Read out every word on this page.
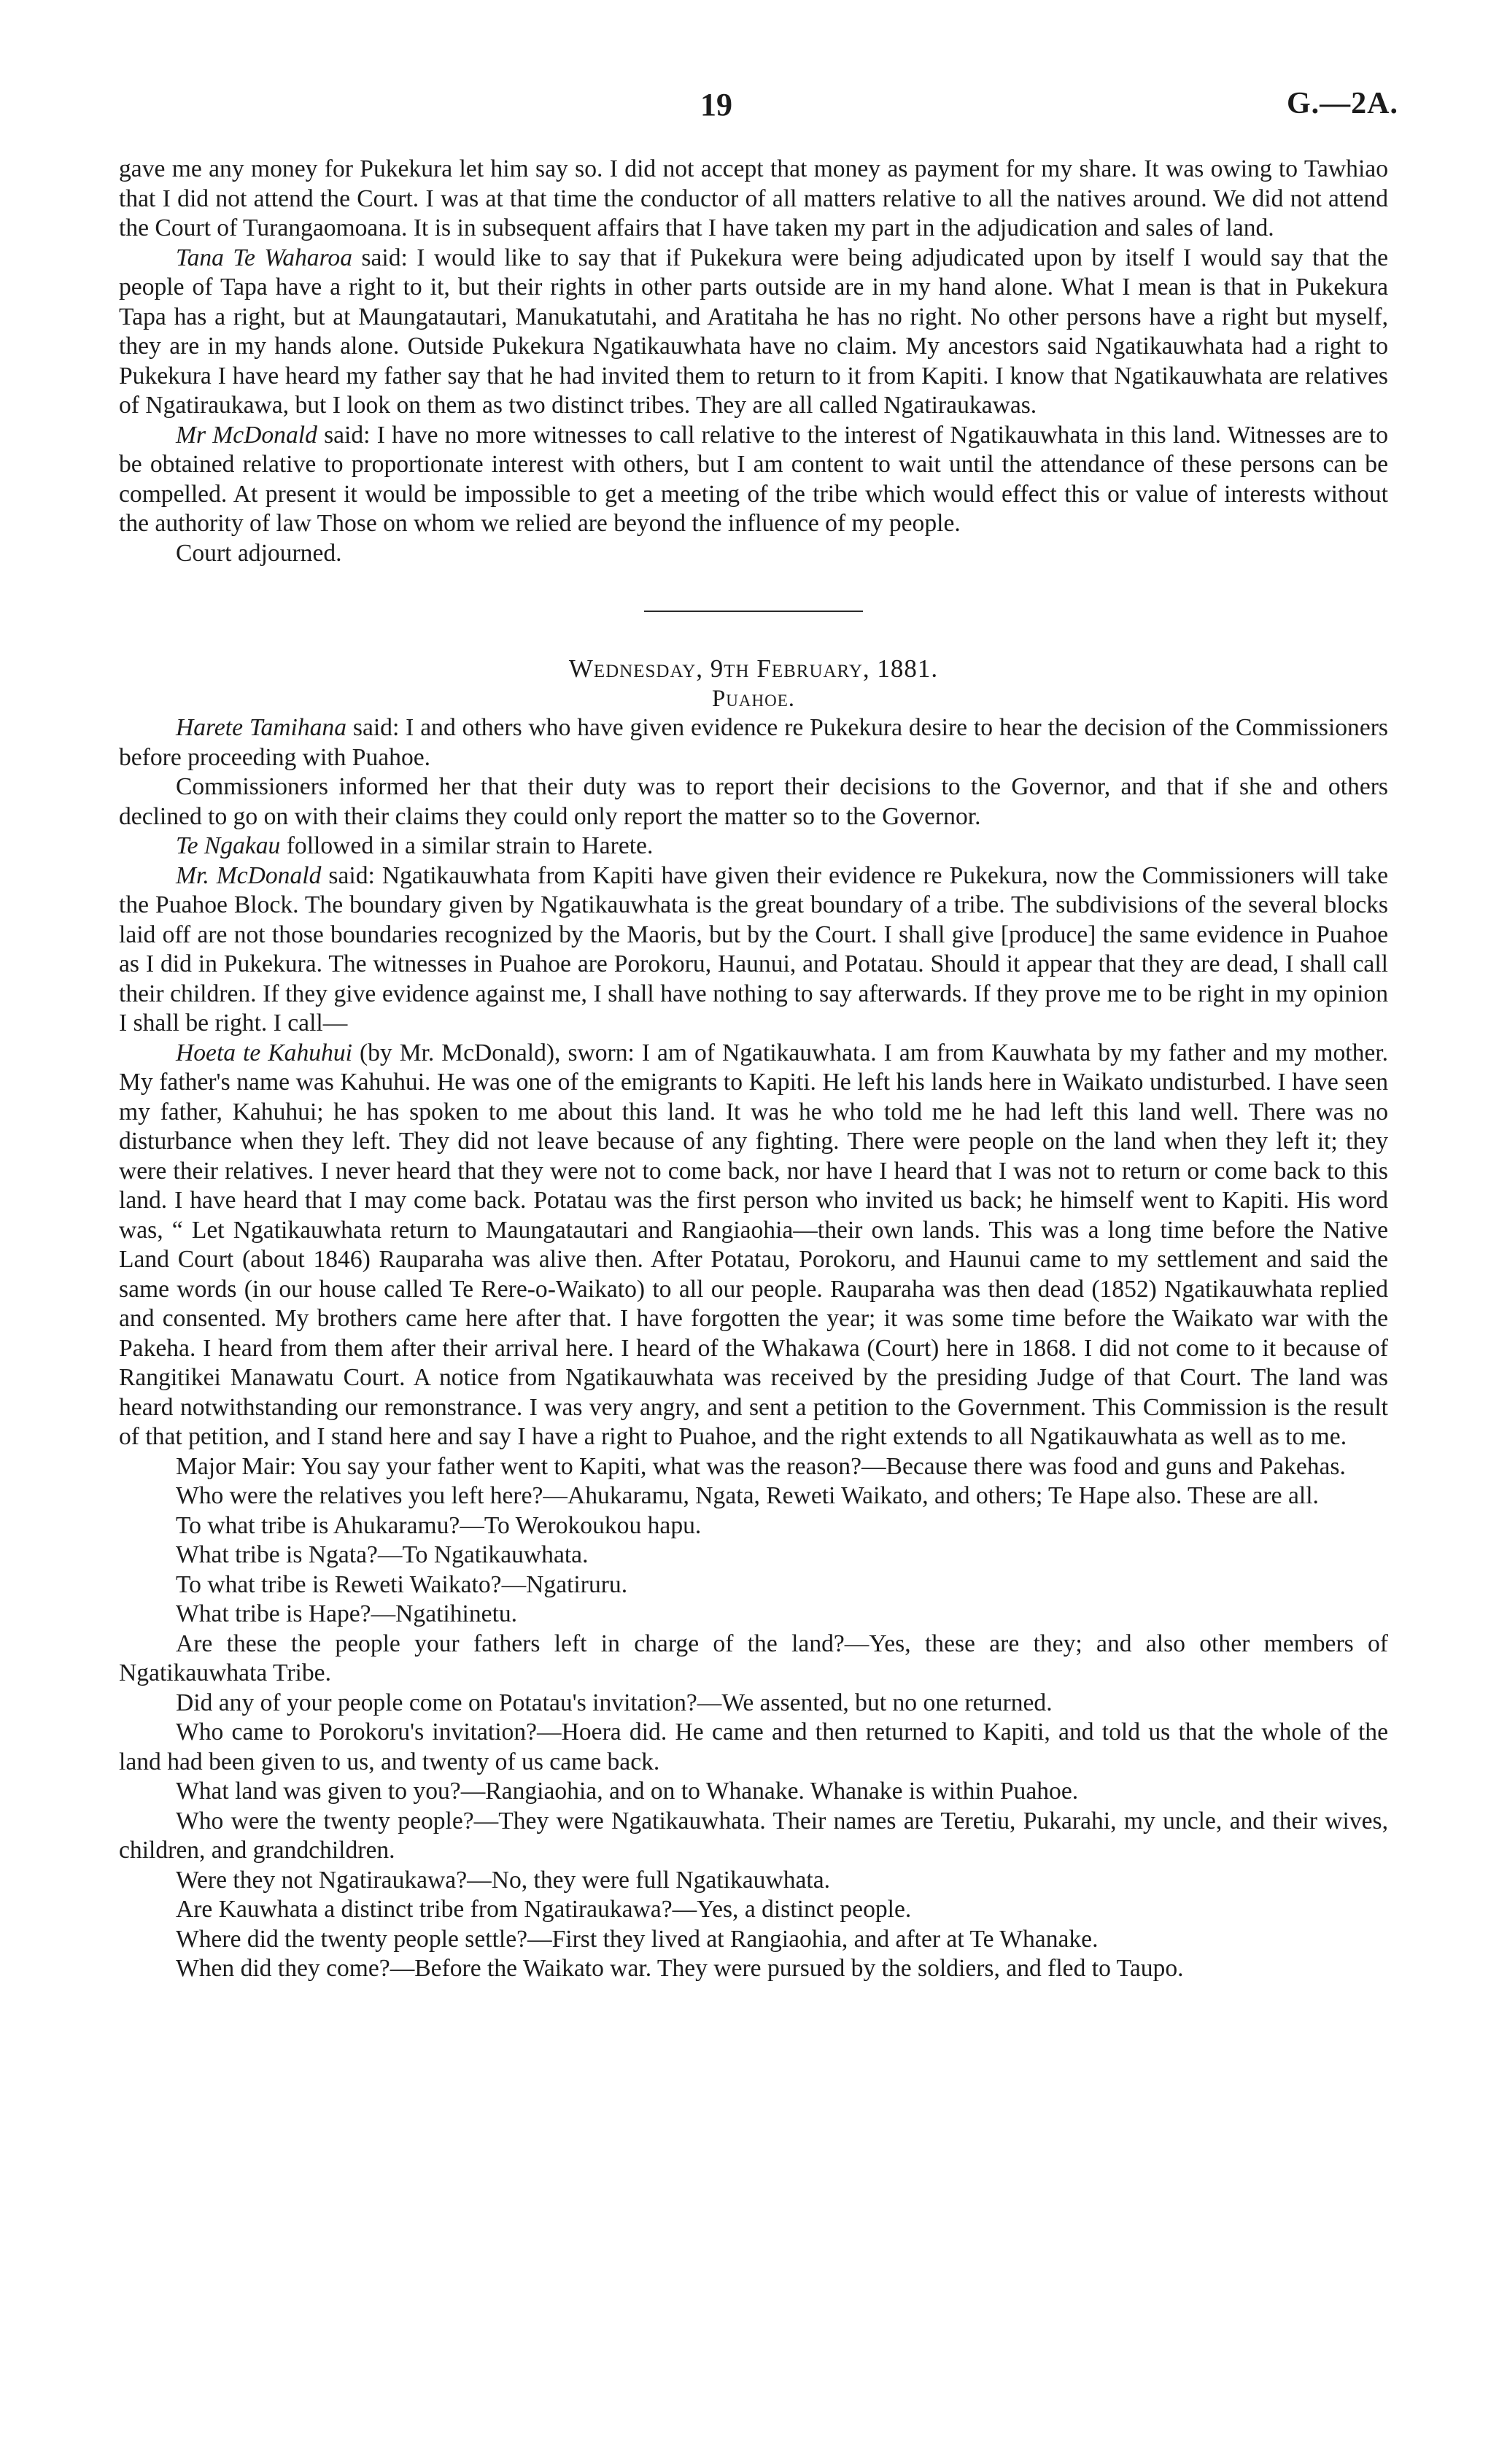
19	G.—2A.

gave me any money for Pukekura let him say so. I did not accept that money as payment for my share. It was owing to Tawhiao that I did not attend the Court. I was at that time the conductor of all matters relative to all the natives around. We did not attend the Court of Turangaomoana. It is in subsequent affairs that I have taken my part in the adjudication and sales of land.

Tana Te Waharoa said: I would like to say that if Pukekura were being adjudicated upon by itself I would say that the people of Tapa have a right to it, but their rights in other parts outside are in my hand alone. What I mean is that in Pukekura Tapa has a right, but at Maungatautari, Manukatutahi, and Aratitaha he has no right. No other persons have a right but myself, they are in my hands alone. Outside Pukekura Ngatikauwhata have no claim. My ancestors said Ngatikauwhata had a right to Pukekura I have heard my father say that he had invited them to return to it from Kapiti. I know that Ngatikauwhata are relatives of Ngatiraukawa, but I look on them as two distinct tribes. They are all called Ngatiraukawas.

Mr McDonald said: I have no more witnesses to call relative to the interest of Ngatikauwhata in this land. Witnesses are to be obtained relative to proportionate interest with others, but I am content to wait until the attendance of these persons can be compelled. At present it would be impossible to get a meeting of the tribe which would effect this or value of interests without the authority of law Those on whom we relied are beyond the influence of my people.

Court adjourned.

Wednesday, 9th February, 1881.

Puahoe.

Harete Tamihana said: I and others who have given evidence re Pukekura desire to hear the decision of the Commissioners before proceeding with Puahoe.

Commissioners informed her that their duty was to report their decisions to the Governor, and that if she and others declined to go on with their claims they could only report the matter so to the Governor.

Te Ngakau followed in a similar strain to Harete.

Mr. McDonald said: Ngatikauwhata from Kapiti have given their evidence re Pukekura, now the Commissioners will take the Puahoe Block. The boundary given by Ngatikauwhata is the great boundary of a tribe. The subdivisions of the several blocks laid off are not those boundaries recognized by the Maoris, but by the Court. I shall give [produce] the same evidence in Puahoe as I did in Pukekura. The witnesses in Puahoe are Porokoru, Haunui, and Potatau. Should it appear that they are dead, I shall call their children. If they give evidence against me, I shall have nothing to say afterwards. If they prove me to be right in my opinion I shall be right. I call—

Hoeta te Kahuhui (by Mr. McDonald), sworn: I am of Ngatikauwhata. I am from Kauwhata by my father and my mother. My father's name was Kahuhui. He was one of the emigrants to Kapiti. He left his lands here in Waikato undisturbed. I have seen my father, Kahuhui; he has spoken to me about this land. It was he who told me he had left this land well. There was no disturbance when they left. They did not leave because of any fighting. There were people on the land when they left it; they were their relatives. I never heard that they were not to come back, nor have I heard that I was not to return or come back to this land. I have heard that I may come back. Potatau was the first person who invited us back; he himself went to Kapiti. His word was, “ Let Ngatikauwhata return to Maungatautari and Rangiaohia—their own lands. This was a long time before the Native Land Court (about 1846) Rauparaha was alive then. After Potatau, Porokoru, and Haunui came to my settlement and said the same words (in our house called Te Rere-o-Waikato) to all our people. Rauparaha was then dead (1852) Ngatikauwhata replied and consented. My brothers came here after that. I have forgotten the year; it was some time before the Waikato war with the Pakeha. I heard from them after their arrival here. I heard of the Whakawa (Court) here in 1868. I did not come to it because of Rangitikei Manawatu Court. A notice from Ngatikauwhata was received by the presiding Judge of that Court. The land was heard notwithstanding our remonstrance. I was very angry, and sent a petition to the Government. This Commission is the result of that petition, and I stand here and say I have a right to Puahoe, and the right extends to all Ngatikauwhata as well as to me.

Major Mair: You say your father went to Kapiti, what was the reason?—Because there was food and guns and Pakehas.

Who were the relatives you left here?—Ahukaramu, Ngata, Reweti Waikato, and others; Te Hape also. These are all.

To what tribe is Ahukaramu?—To Werokoukou hapu.

What tribe is Ngata?—To Ngatikauwhata.

To what tribe is Reweti Waikato?—Ngatiruru.

What tribe is Hape?—Ngatihinetu.

Are these the people your fathers left in charge of the land?—Yes, these are they; and also other members of Ngatikauwhata Tribe.

Did any of your people come on Potatau's invitation?—We assented, but no one returned.

Who came to Porokoru's invitation?—Hoera did. He came and then returned to Kapiti, and told us that the whole of the land had been given to us, and twenty of us came back.

What land was given to you?—Rangiaohia, and on to Whanake. Whanake is within Puahoe.

Who were the twenty people?—They were Ngatikauwhata. Their names are Teretiu, Pukarahi, my uncle, and their wives, children, and grandchildren.

Were they not Ngatiraukawa?—No, they were full Ngatikauwhata.

Are Kauwhata a distinct tribe from Ngatiraukawa?—Yes, a distinct people.

Where did the twenty people settle?—First they lived at Rangiaohia, and after at Te Whanake.

When did they come?—Before the Waikato war. They were pursued by the soldiers, and fled to Taupo.
